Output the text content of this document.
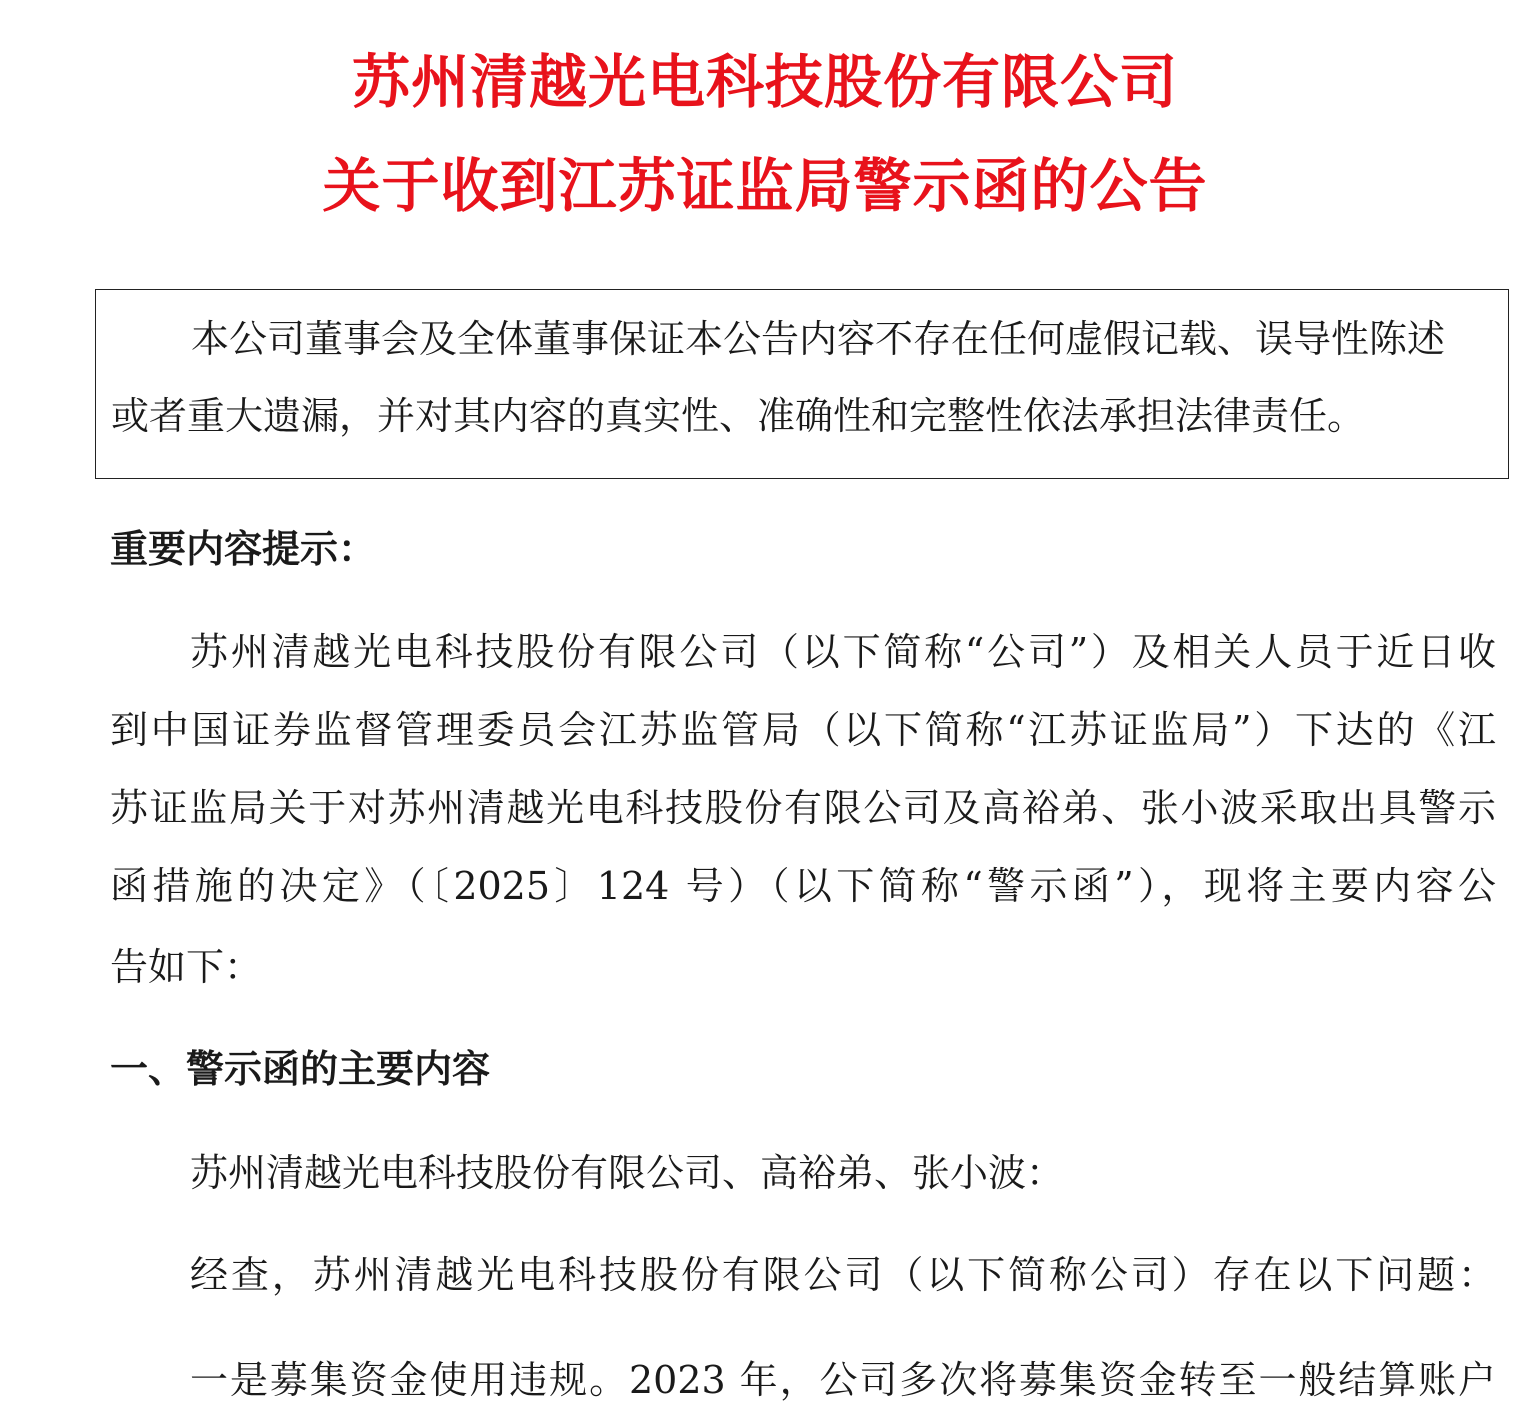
苏州清越光电科技股份有限公司
关于收到江苏证监局警示函的公告
本公司董事会及全体董事保证本公告内容不存在任何虚假记载、误导性陈述
或者重大遗漏，并对其内容的真实性、准确性和完整性依法承担法律责任。
重要内容提示：
苏州清越光电科技股份有限公司（以下简称“公司”）及相关人员于近日收
到中国证券监督管理委员会江苏监管局（以下简称“江苏证监局”）下达的《江
苏证监局关于对苏州清越光电科技股份有限公司及高裕弟、张小波采取出具警示
函措施的决定》（〔2025〕124 号）（以下简称“警示函”），现将主要内容公
告如下：
一、警示函的主要内容
苏州清越光电科技股份有限公司、高裕弟、张小波：
经查，苏州清越光电科技股份有限公司（以下简称公司）存在以下问题：
一是募集资金使用违规。2023 年，公司多次将募集资金转至一般结算账户
